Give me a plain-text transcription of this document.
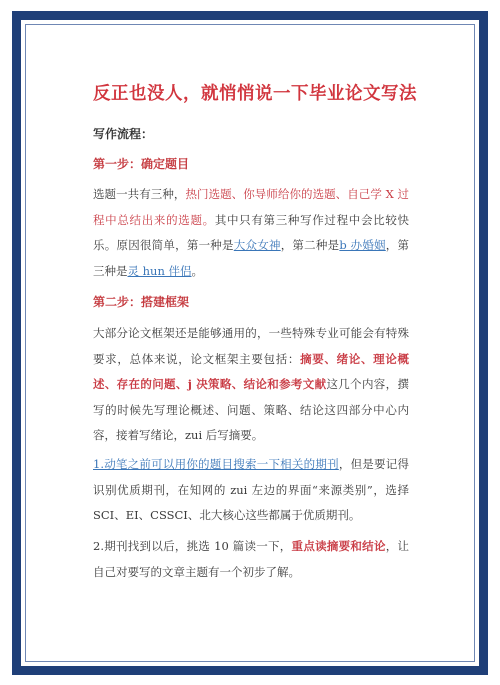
反正也没人，就悄悄说一下毕业论文写法
写作流程：
第一步：确定题目
选题一共有三种，热门选题、你导师给你的选题、自己学 X 过程中总结出来的选题。其中只有第三种写作过程中会比较快乐。原因很简单，第一种是大众女神，第二种是b 办婚姻，第三种是灵 hun 伴侣。
第二步：搭建框架
大部分论文框架还是能够通用的，一些特殊专业可能会有特殊要求，总体来说，论文框架主要包括：摘要、绪论、理论概述、存在的问题、j 决策略、结论和参考文献这几个内容，撰写的时候先写理论概述、问题、策略、结论这四部分中心内容，接着写绪论，zui 后写摘要。
1.动笔之前可以用你的题目搜索一下相关的期刊，但是要记得识别优质期刊，在知网的 zui 左边的界面“来源类别”，选择 SCI、EI、CSSCI、北大核心这些都属于优质期刊。
2.期刊找到以后，挑选 10 篇读一下，重点读摘要和结论，让自己对要写的文章主题有一个初步了解。
